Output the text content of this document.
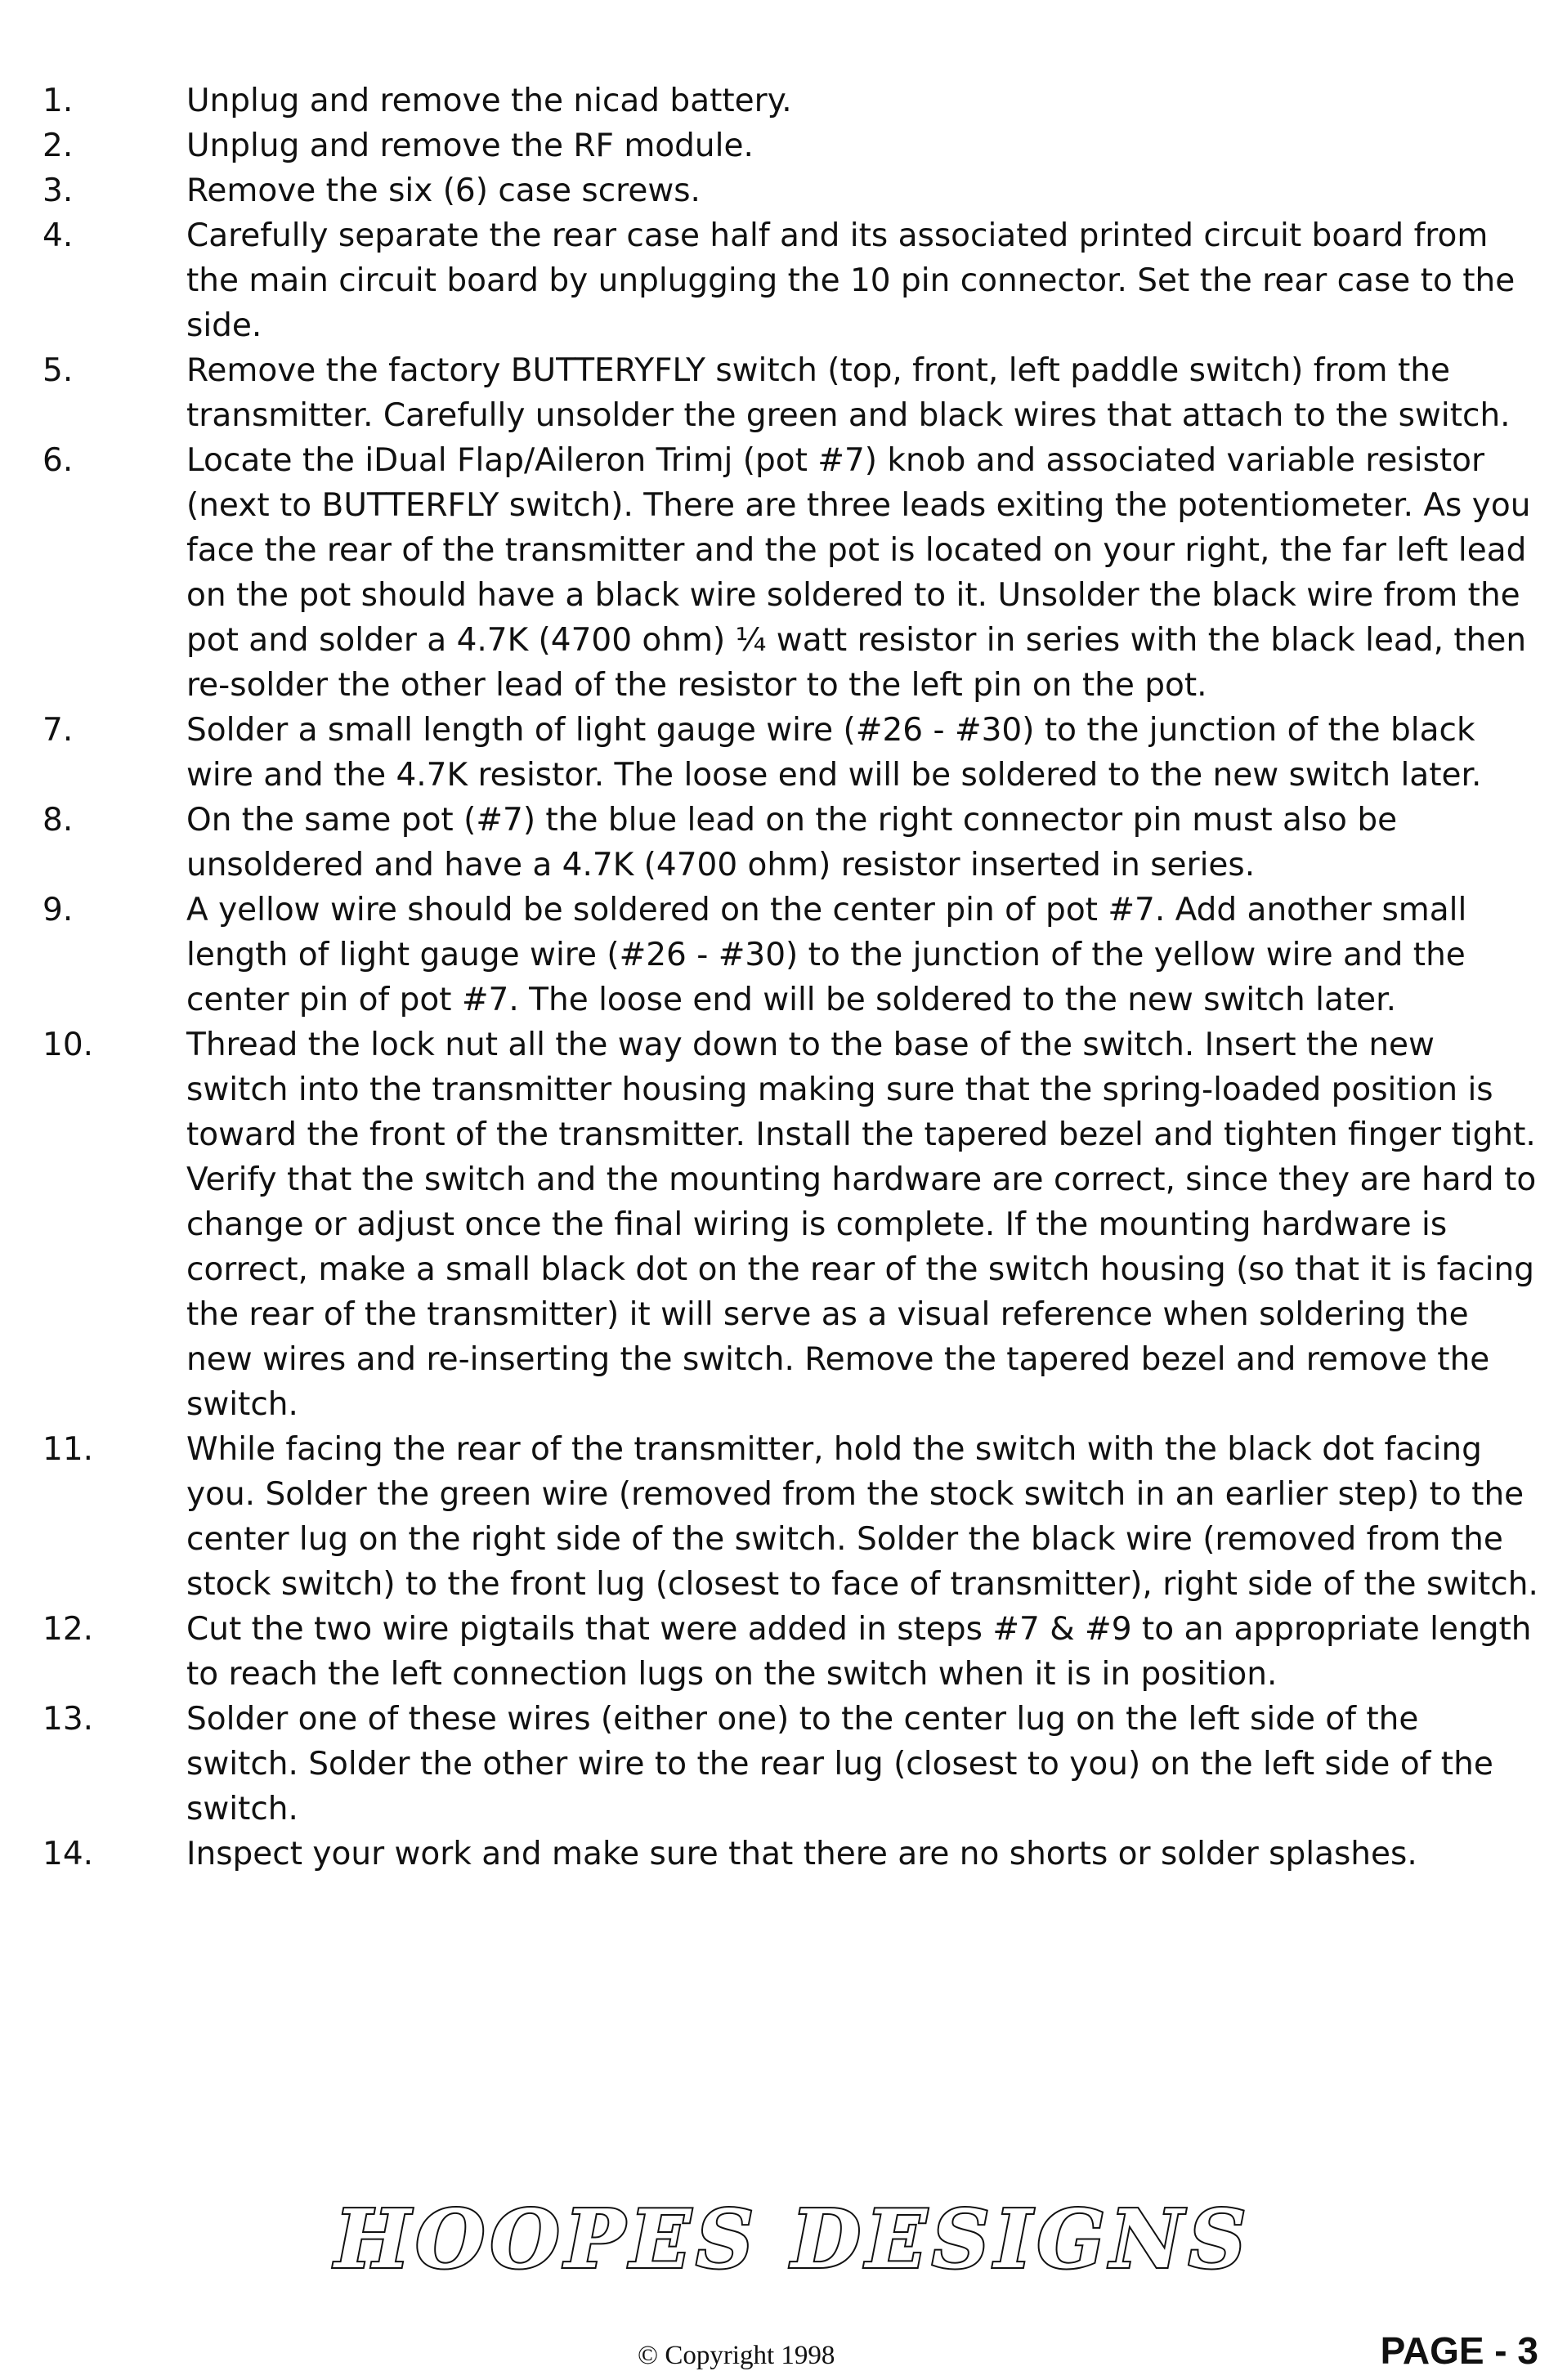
1.	Unplug and remove the nicad battery.
2.	Unplug and remove the RF module.
3.	Remove the six (6) case screws.
4.	Carefully separate the rear case half and its associated printed circuit board from the main circuit board by unplugging the 10 pin connector. Set the rear case to the side.
5.	Remove the factory BUTTERYFLY switch (top, front, left paddle switch) from the transmitter. Carefully unsolder the green and black wires that attach to the switch.
6.	Locate the iDual Flap/Aileron Trimj (pot #7) knob and associated variable resistor (next to BUTTERFLY switch). There are three leads exiting the potentiometer. As you face the rear of the transmitter and the pot is located on your right, the far left lead on the pot should have a black wire soldered to it. Unsolder the black wire from the pot and solder a 4.7K (4700 ohm) ¼ watt resistor in series with the black lead, then re-solder the other lead of the resistor to the left pin on the pot.
7.	Solder a small length of light gauge wire (#26 - #30) to the junction of the black wire and the 4.7K resistor. The loose end will be soldered to the new switch later.
8.	On the same pot (#7) the blue lead on the right connector pin must also be unsoldered and have a 4.7K (4700 ohm) resistor inserted in series.
9.	A yellow wire should be soldered on the center pin of pot #7. Add another small length of light gauge wire (#26 - #30) to the junction of the yellow wire and the center pin of pot #7. The loose end will be soldered to the new switch later.
10.	Thread the lock nut all the way down to the base of the switch. Insert the new switch into the transmitter housing making sure that the spring-loaded position is toward the front of the transmitter. Install the tapered bezel and tighten finger tight. Verify that the switch and the mounting hardware are correct, since they are hard to change or adjust once the final wiring is complete. If the mounting hardware is correct, make a small black dot on the rear of the switch housing (so that it is facing the rear of the transmitter) it will serve as a visual reference when soldering the new wires and re-inserting the switch. Remove the tapered bezel and remove the switch.
11.	While facing the rear of the transmitter, hold the switch with the black dot facing you. Solder the green wire (removed from the stock switch in an earlier step) to the center lug on the right side of the switch. Solder the black wire (removed from the stock switch) to the front lug (closest to face of transmitter), right side of the switch.
12.	Cut the two wire pigtails that were added in steps #7 & #9 to an appropriate length to reach the left connection lugs on the switch when it is in position.
13.	Solder one of these wires (either one) to the center lug on the left side of the switch. Solder the other wire to the rear lug (closest to you) on the left side of the switch.
14.	Inspect your work and make sure that there are no shorts or solder splashes.
HOOPES DESIGNS
© Copyright 1998	PAGE - 3
